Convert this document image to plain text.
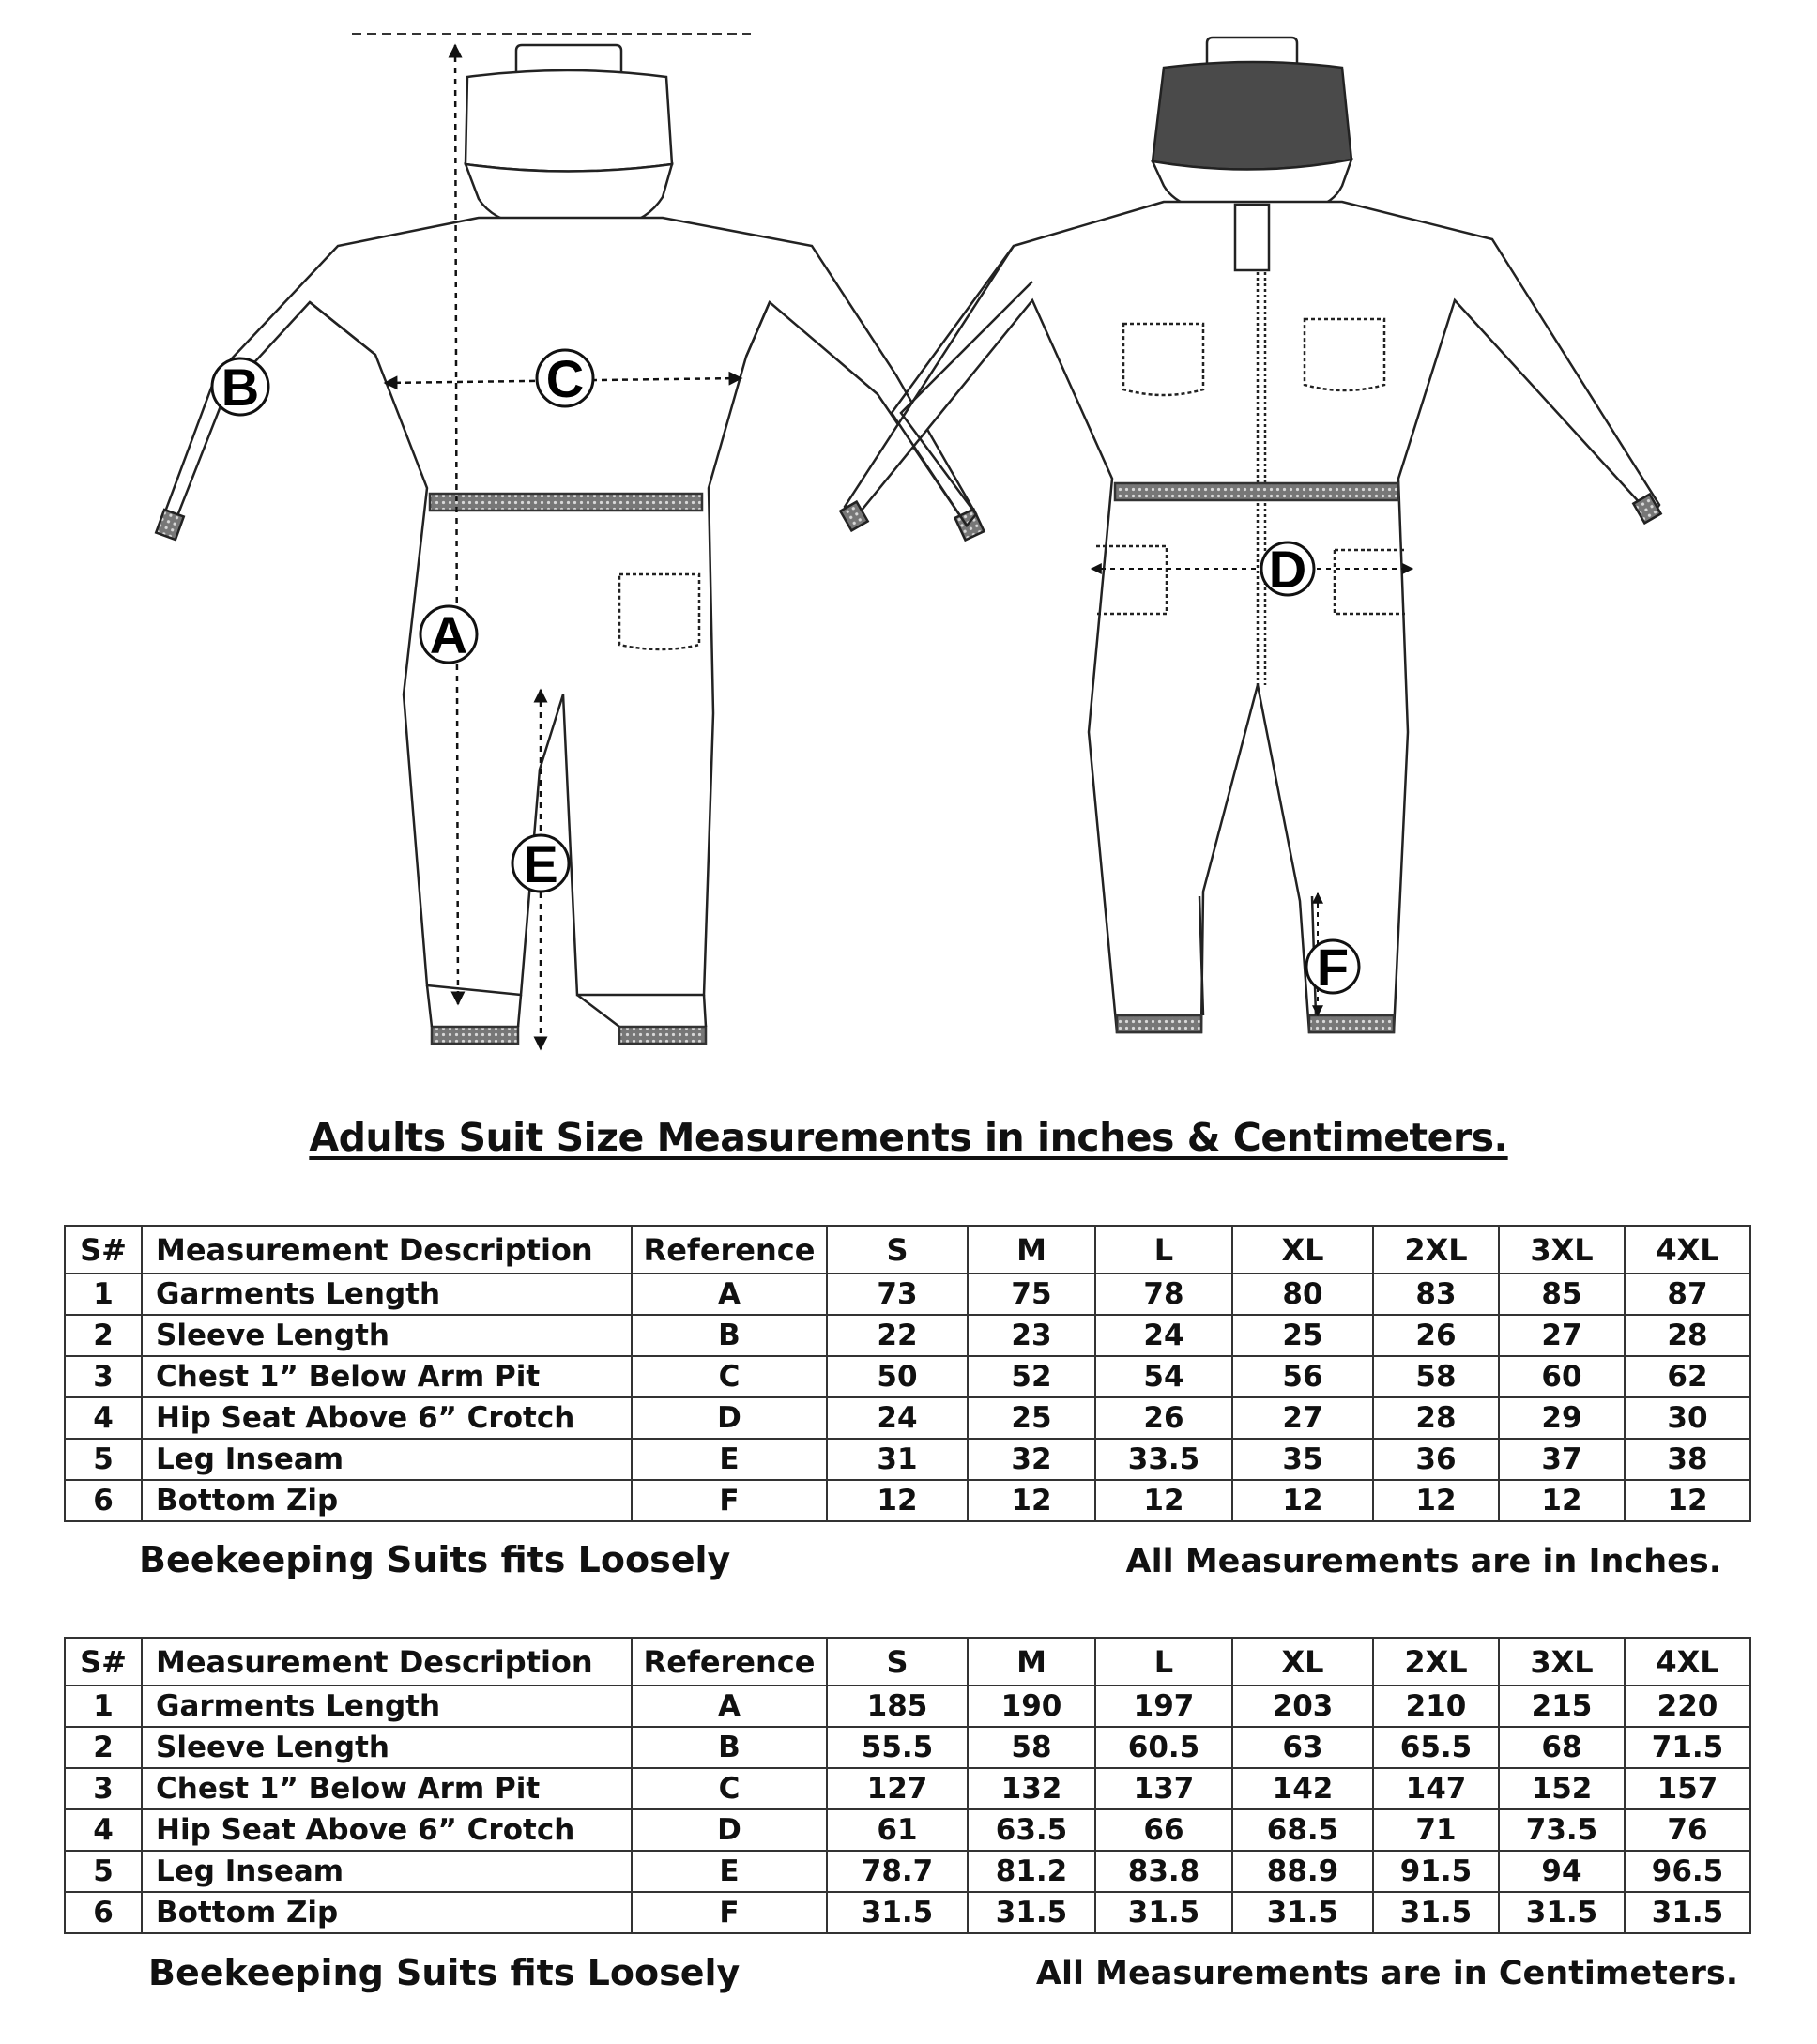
B	C
A
E
D
F
Adults Suit Size Measurements in inches & Centimeters.
S#	Measurement Description	Reference	S	M	L	XL	2XL	3XL	4XL
1	Garments Length	A	73	75	78	80	83	85	87
2	Sleeve Length	B	22	23	24	25	26	27	28
3	Chest 1” Below Arm Pit	C	50	52	54	56	58	60	62
4	Hip Seat Above 6” Crotch	D	24	25	26	27	28	29	30
5	Leg Inseam	E	31	32	33.5	35	36	37	38
6	Bottom Zip	F	12	12	12	12	12	12	12
Beekeeping Suits fits Loosely	All Measurements are in Inches.
S#	Measurement Description	Reference	S	M	L	XL	2XL	3XL	4XL
1	Garments Length	A	185	190	197	203	210	215	220
2	Sleeve Length	B	55.5	58	60.5	63	65.5	68	71.5
3	Chest 1” Below Arm Pit	C	127	132	137	142	147	152	157
4	Hip Seat Above 6” Crotch	D	61	63.5	66	68.5	71	73.5	76
5	Leg Inseam	E	78.7	81.2	83.8	88.9	91.5	94	96.5
6	Bottom Zip	F	31.5	31.5	31.5	31.5	31.5	31.5	31.5
Beekeeping Suits fits Loosely	All Measurements are in Centimeters.
